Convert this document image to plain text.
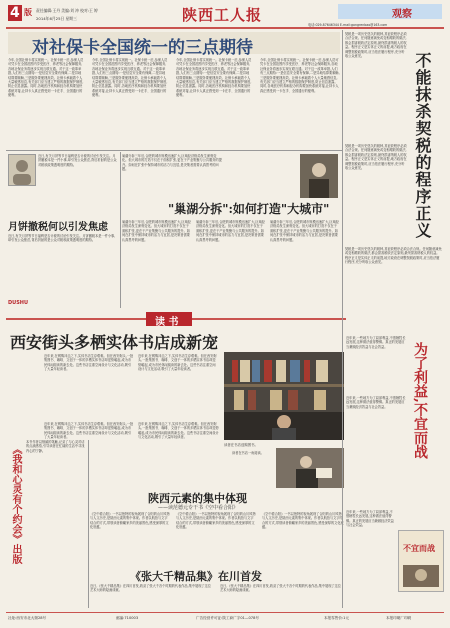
4 版 责任编辑:王丹 美编:刘 冲 校对:王 婷
2014年6月25日 星期三	陕西工人报	观察
电话:029-87646344 E-mail:gongrenbao@163.com
对社保卡全国统一的三点期待
今年,全国社保卡将实现统一。社保卡统一后,参保人员可凭卡在全国范围内享受医疗、养老等社会保障服务,各地社保业务将逐步实现互联互通。对于这一改革举措,人们有三点期待:一是信息安全要有保障,二是异地结算要顺畅,三是服务要便捷高效。社保卡承载着个人大量敏感信息,有关部门应当建立严格的数据保护制度,防止信息泄露。同时,各地医疗机构和经办机构要加快系统对接,让持卡人真正感受到一卡在手、全国通行的便利。
今年,全国社保卡将实现统一。社保卡统一后,参保人员可凭卡在全国范围内享受医疗、养老等社会保障服务,各地社保业务将逐步实现互联互通。对于这一改革举措,人们有三点期待:一是信息安全要有保障,二是异地结算要顺畅,三是服务要便捷高效。社保卡承载着个人大量敏感信息,有关部门应当建立严格的数据保护制度,防止信息泄露。同时,各地医疗机构和经办机构要加快系统对接,让持卡人真正感受到一卡在手、全国通行的便利。
今年,全国社保卡将实现统一。社保卡统一后,参保人员可凭卡在全国范围内享受医疗、养老等社会保障服务,各地社保业务将逐步实现互联互通。对于这一改革举措,人们有三点期待:一是信息安全要有保障,二是异地结算要顺畅,三是服务要便捷高效。社保卡承载着个人大量敏感信息,有关部门应当建立严格的数据保护制度,防止信息泄露。同时,各地医疗机构和经办机构要加快系统对接,让持卡人真正感受到一卡在手、全国通行的便利。
今年,全国社保卡将实现统一。社保卡统一后,参保人员可凭卡在全国范围内享受医疗、养老等社会保障服务,各地社保业务将逐步实现互联互通。对于这一改革举措,人们有三点期待:一是信息安全要有保障,二是异地结算要顺畅,三是服务要便捷高效。社保卡承载着个人大量敏感信息,有关部门应当建立严格的数据保护制度,防止信息泄露。同时,各地医疗机构和经办机构要加快系统对接,让持卡人真正感受到一卡在手、全国通行的便利。	不能抹杀契税的程序正义
契税是一项历史悠久的税种,其征收程序必须合法合规。任何随意减免或变相增收的做法,都会损害税收法定原则,最终损害纳税人的权益。程序正义是实体正义的前提,地方政府在调整契税政策时,应当依法履行程序,充分听取公众意见。
契税是一项历史悠久的税种,其征收程序必须合法合规。任何随意减免或变相增收的做法,都会损害税收法定原则,最终损害纳税人的权益。程序正义是实体正义的前提,地方政府在调整契税政策时,应当依法履行程序,充分听取公众意见。
契税是一项历史悠久的税种,其征收程序必须合法合规。任何随意减免或变相增收的做法,都会损害税收法定原则,最终损害纳税人的权益。程序正义是实体正义的前提,地方政府在调整契税政策时,应当依法履行程序,充分听取公众意见。
近日,有关月饼等节日福利是否计税的讨论引发关注。月饼撤税本是一件小事,却引发公众焦虑,背后折射的是公众对税收政策透明度的期待。
月饼撤税何以引发焦虑
近日,有关月饼等节日福利是否计税的讨论引发关注。月饼撤税本是一件小事,却引发公众焦虑,背后折射的是公众对税收政策透明度的期待。
巢湖分拆三年后,合肥的城市规模迅速扩大,区域经济格局发生深刻变化。但大城市的打造不仅在于面积扩张,更在于产业集聚与公共服务的提升。如何在扩张中保持城市的活力与宜居,是决策者需要认真思考的问题。
"巢湖分拆":如何打造"大城市"
巢湖分拆三年后,合肥的城市规模迅速扩大,区域经济格局发生深刻变化。但大城市的打造不仅在于面积扩张,更在于产业集聚与公共服务的提升。如何在扩张中保持城市的活力与宜居,是决策者需要认真思考的问题。
巢湖分拆三年后,合肥的城市规模迅速扩大,区域经济格局发生深刻变化。但大城市的打造不仅在于面积扩张,更在于产业集聚与公共服务的提升。如何在扩张中保持城市的活力与宜居,是决策者需要认真思考的问题。
巢湖分拆三年后,合肥的城市规模迅速扩大,区域经济格局发生深刻变化。但大城市的打造不仅在于面积扩张,更在于产业集聚与公共服务的提升。如何在扩张中保持城市的活力与宜居,是决策者需要认真思考的问题。
读 书
DUSHU
西安街头多栖实体书店成新宠
近年来,在网购冲击之下,实体书店生存艰难。但在西安街头,一批集图书、咖啡、文创于一体的多栖实体书店却逆势崛起,成为市民休闲阅读的新去处。这些书店注重空间设计与文化活动,吸引了大量年轻读者。
近年来,在网购冲击之下,实体书店生存艰难。但在西安街头,一批集图书、咖啡、文创于一体的多栖实体书店却逆势崛起,成为市民休闲阅读的新去处。这些书店注重空间设计与文化活动,吸引了大量年轻读者。
读者在书店选购图书。
读者在书店一角阅读。
近年来,在网购冲击之下,实体书店生存艰难。但在西安街头,一批集图书、咖啡、文创于一体的多栖实体书店却逆势崛起,成为市民休闲阅读的新去处。这些书店注重空间设计与文化活动,吸引了大量年轻读者。
近年来,在网购冲击之下,实体书店生存艰难。但在西安街头,一批集图书、咖啡、文创于一体的多栖实体书店却逆势崛起,成为市民休闲阅读的新去处。这些书店注重空间设计与文化活动,吸引了大量年轻读者。
《我和心灵有个约会》出版
本书作者以细腻的笔触,记录了与心灵对话的点滴感悟,引导读者在忙碌的生活中寻找内心的宁静。
陕西元素的集中体现
——读范德元专干书《空中看合阳》
《空中看合阳》一书以独特的视角展现了合阳的山川风物与人文历史,是陕西元素的集中体现。作者以航拍与文字结合的方式,带领读者俯瞰家乡的美丽景色,感受深厚的文化底蕴。
《空中看合阳》一书以独特的视角展现了合阳的山川风物与人文历史,是陕西元素的集中体现。作者以航拍与文字结合的方式,带领读者俯瞰家乡的美丽景色,感受深厚的文化底蕴。
《空中看合阳》一书以独特的视角展现了合阳的山川风物与人文历史,是陕西元素的集中体现。作者以航拍与文字结合的方式,带领读者俯瞰家乡的美丽景色,感受深厚的文化底蕴。
《张大千精品集》在川首发
近日,《张大千精品集》在四川首发,收录了张大千各个时期的代表作品,集中展现了这位艺术大师的绘画成就。
近日,《张大千精品集》在四川首发,收录了张大千各个时期的代表作品,集中展现了这位艺术大师的绘画成就。
近年来,一些地方为了局部利益,不惜牺牲长远发展,这种做法值得警惕。真正的发展应当兼顾经济效益与社会效益。	为了利益,不宜而战
近年来,一些地方为了局部利益,不惜牺牲长远发展,这种做法值得警惕。真正的发展应当兼顾经济效益与社会效益。
近年来,一些地方为了局部利益,不惜牺牲长远发展,这种做法值得警惕。真正的发展应当兼顾经济效益与社会效益。
不宜而战
社址:西安市北大街28号	邮编:710003	广告经营许可证:陕工商广字01—078号	本报零售价:1元	本报印刷厂印刷
